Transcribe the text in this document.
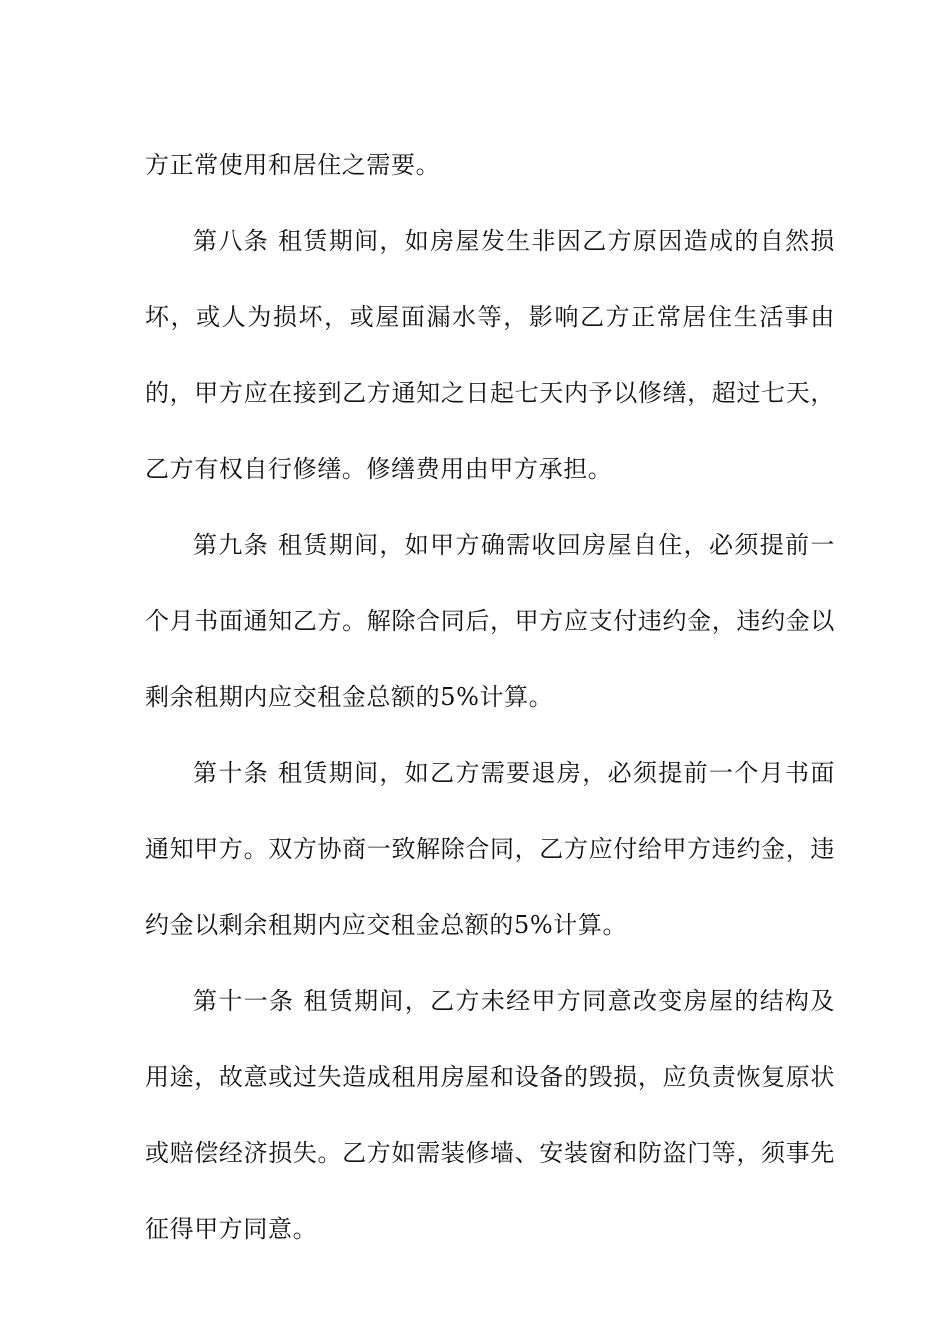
方正常使用和居住之需要。

第八条 租赁期间，如房屋发生非因乙方原因造成的自然损坏，或人为损坏，或屋面漏水等，影响乙方正常居住生活事由的，甲方应在接到乙方通知之日起七天内予以修缮，超过七天，乙方有权自行修缮。修缮费用由甲方承担。

第九条 租赁期间，如甲方确需收回房屋自住，必须提前一个月书面通知乙方。解除合同后，甲方应支付违约金，违约金以剩余租期内应交租金总额的5%计算。

第十条 租赁期间，如乙方需要退房，必须提前一个月书面通知甲方。双方协商一致解除合同，乙方应付给甲方违约金，违约金以剩余租期内应交租金总额的5%计算。

第十一条 租赁期间，乙方未经甲方同意改变房屋的结构及用途，故意或过失造成租用房屋和设备的毁损，应负责恢复原状或赔偿经济损失。乙方如需装修墙、安装窗和防盗门等，须事先征得甲方同意。
